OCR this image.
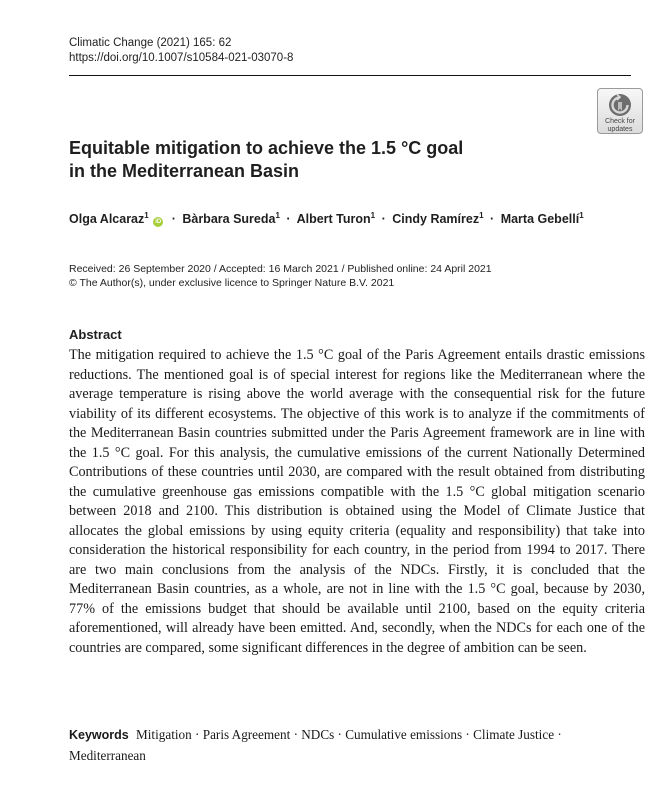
Climatic Change (2021) 165: 62
https://doi.org/10.1007/s10584-021-03070-8
Check for
updates
Equitable mitigation to achieve the 1.5 °C goal
in the Mediterranean Basin
Olga Alcaraz$^1$ iD · Bàrbara Sureda$^1$ · Albert Turon$^1$ · Cindy Ramírez$^1$ · Marta Gebellí$^1$
Received: 26 September 2020 / Accepted: 16 March 2021 / Published online: 24 April 2021
© The Author(s), under exclusive licence to Springer Nature B.V. 2021
Abstract

The mitigation required to achieve the 1.5 °C goal of the Paris Agreement entails drastic emissions reductions. The mentioned goal is of special interest for regions like the Mediterranean where the average temperature is rising above the world average with the consequential risk for the future viability of its different ecosystems. The objective of this work is to analyze if the commitments of the Mediterranean Basin countries submitted under the Paris Agreement framework are in line with the 1.5 °C goal. For this analysis, the cumulative emissions of the current Nationally Determined Contributions of these countries until 2030, are compared with the result obtained from distributing the cumulative greenhouse gas emissions compatible with the 1.5 °C global mitigation scenario between 2018 and 2100. This distribution is obtained using the Model of Climate Justice that allocates the global emissions by using equity criteria (equality and responsibility) that take into consideration the historical responsibility for each country, in the period from 1994 to 2017. There are two main conclusions from the analysis of the NDCs. Firstly, it is concluded that the Mediterranean Basin countries, as a whole, are not in line with the 1.5 °C goal, because by 2030, 77% of the emissions budget that should be available until 2100, based on the equity criteria aforementioned, will already have been emitted. And, secondly, when the NDCs for each one of the countries are compared, some significant differences in the degree of ambition can be seen.

Keywords Mitigation · Paris Agreement · NDCs · Cumulative emissions · Climate Justice · Mediterranean
